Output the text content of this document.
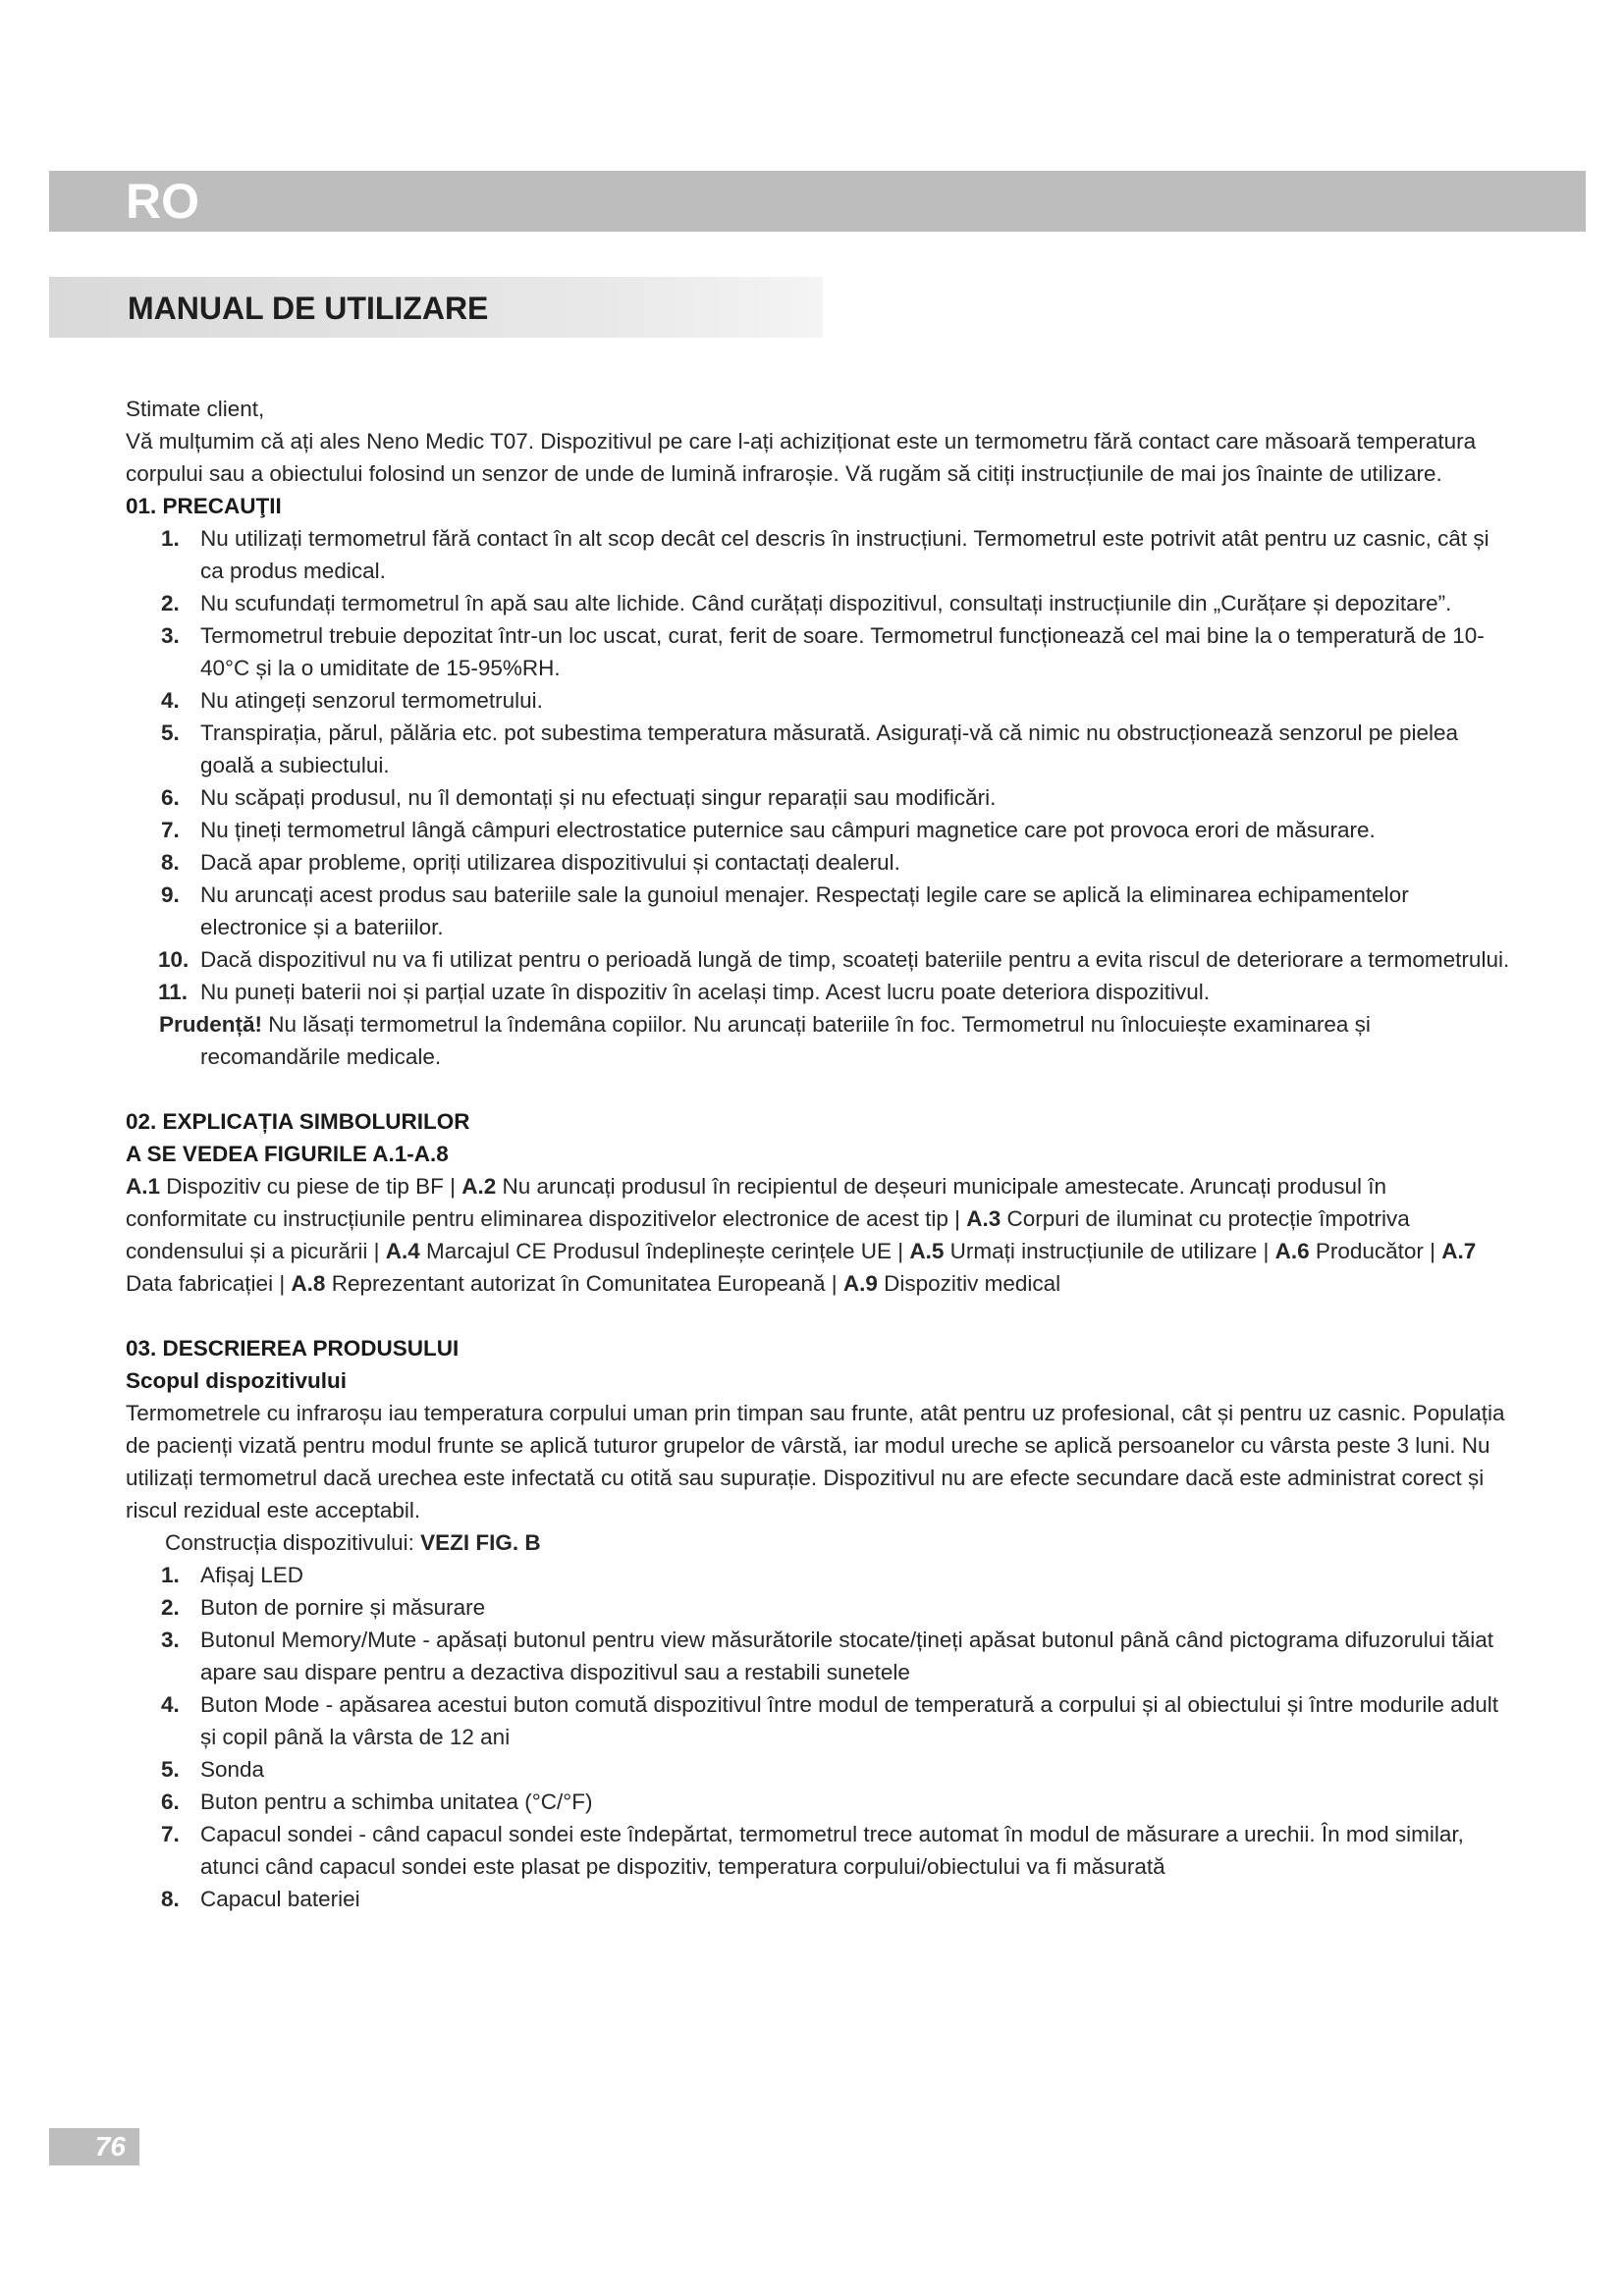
RO
MANUAL DE UTILIZARE

Stimate client,

Vă mulțumim că ați ales Neno Medic T07. Dispozitivul pe care l-ați achiziționat este un termometru fără contact care măsoară temperatura corpului sau a obiectului folosind un senzor de unde de lumină infraroșie. Vă rugăm să citiți instrucțiunile de mai jos înainte de utilizare.

01. PRECAUŢII

1. Nu utilizați termometrul fără contact în alt scop decât cel descris în instrucțiuni. Termometrul este potrivit atât pentru uz casnic, cât și ca produs medical.
2. Nu scufundați termometrul în apă sau alte lichide. Când curățați dispozitivul, consultați instrucțiunile din „Curățare și depozitare”.
3. Termometrul trebuie depozitat într-un loc uscat, curat, ferit de soare. Termometrul funcționează cel mai bine la o temperatură de 10-40°C și la o umiditate de 15-95%RH.
4. Nu atingeți senzorul termometrului.
5. Transpirația, părul, pălăria etc. pot subestima temperatura măsurată. Asigurați-vă că nimic nu obstrucționează senzorul pe pielea goală a subiectului.
6. Nu scăpați produsul, nu îl demontați și nu efectuați singur reparații sau modificări.
7. Nu țineți termometrul lângă câmpuri electrostatice puternice sau câmpuri magnetice care pot provoca erori de măsurare.
8. Dacă apar probleme, opriți utilizarea dispozitivului și contactați dealerul.
9. Nu aruncați acest produs sau bateriile sale la gunoiul menajer. Respectați legile care se aplică la eliminarea echipamentelor electronice și a bateriilor.
10. Dacă dispozitivul nu va fi utilizat pentru o perioadă lungă de timp, scoateți bateriile pentru a evita riscul de deteriorare a termometrului.
11. Nu puneți baterii noi și parțial uzate în dispozitiv în același timp. Acest lucru poate deteriora dispozitivul.
Prudență! Nu lăsați termometrul la îndemâna copiilor. Nu aruncați bateriile în foc. Termometrul nu înlocuiește examinarea și recomandările medicale.

02. EXPLICAȚIA SIMBOLURILOR

A SE VEDEA FIGURILE A.1-A.8

A.1 Dispozitiv cu piese de tip BF | A.2 Nu aruncați produsul în recipientul de deșeuri municipale amestecate. Aruncați produsul în conformitate cu instrucțiunile pentru eliminarea dispozitivelor electronice de acest tip | A.3 Corpuri de iluminat cu protecție împotriva condensului și a picurării | A.4 Marcajul CE Produsul îndeplinește cerințele UE | A.5 Urmați instrucțiunile de utilizare | A.6 Producător | A.7 Data fabricației | A.8 Reprezentant autorizat în Comunitatea Europeană | A.9 Dispozitiv medical

03. DESCRIEREA PRODUSULUI

Scopul dispozitivului

Termometrele cu infraroșu iau temperatura corpului uman prin timpan sau frunte, atât pentru uz profesional, cât și pentru uz casnic. Populația de pacienți vizată pentru modul frunte se aplică tuturor grupelor de vârstă, iar modul ureche se aplică persoanelor cu vârsta peste 3 luni. Nu utilizați termometrul dacă urechea este infectată cu otită sau supurație. Dispozitivul nu are efecte secundare dacă este administrat corect și riscul rezidual este acceptabil.

Construcția dispozitivului: VEZI FIG. B

1. Afișaj LED
2. Buton de pornire și măsurare
3. Butonul Memory/Mute - apăsați butonul pentru view măsurătorile stocate/țineți apăsat butonul până când pictograma difuzorului tăiat apare sau dispare pentru a dezactiva dispozitivul sau a restabili sunetele
4. Buton Mode - apăsarea acestui buton comută dispozitivul între modul de temperatură a corpului și al obiectului și între modurile adult și copil până la vârsta de 12 ani
5. Sonda
6. Buton pentru a schimba unitatea (°C/°F)
7. Capacul sondei - când capacul sondei este îndepărtat, termometrul trece automat în modul de măsurare a urechii. În mod similar, atunci când capacul sondei este plasat pe dispozitiv, temperatura corpului/obiectului va fi măsurată
8. Capacul bateriei
76
